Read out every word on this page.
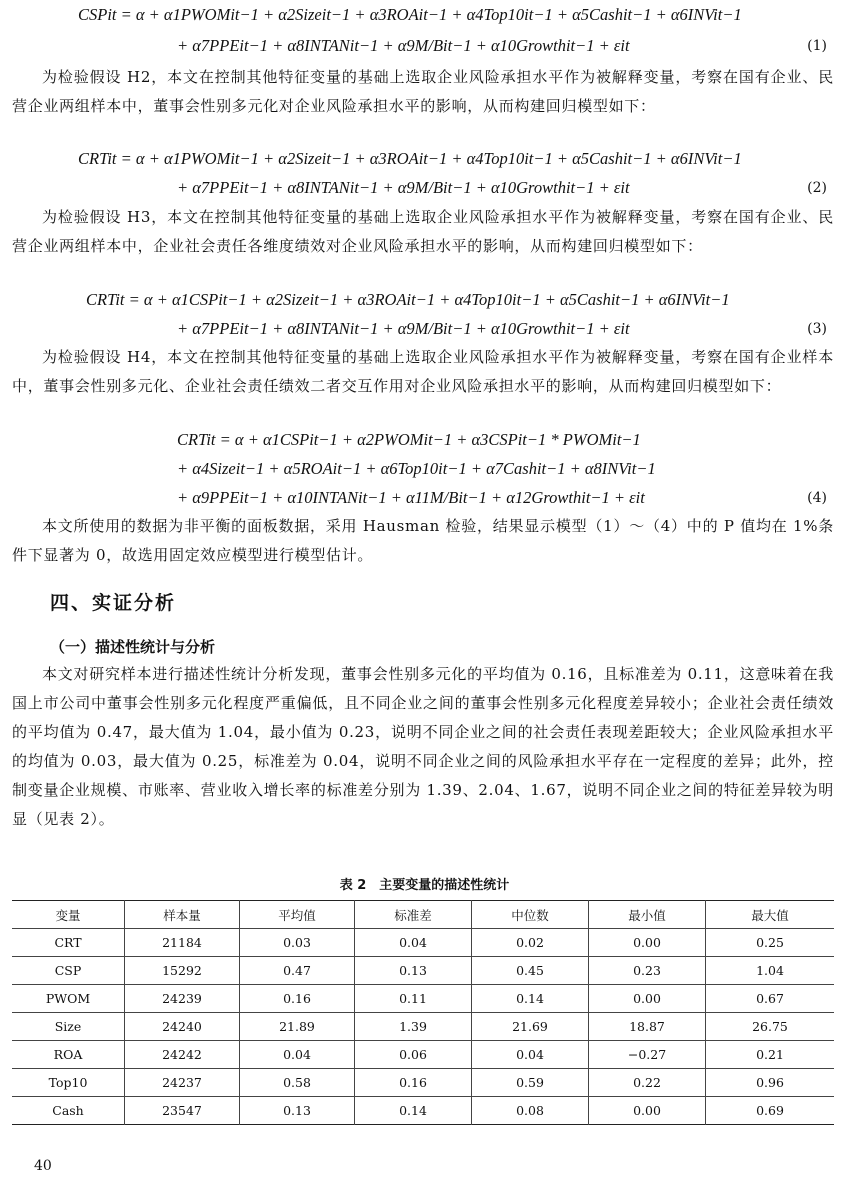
CSPit = α + α1PWOMit−1 + α2Sizeit−1 + α3ROAit−1 + α4Top10it−1 + α5Cashit−1 + α6INVit−1
+ α7PPEit−1 + α8INTANit−1 + α9M/Bit−1 + α10Growthit−1 + εit	(1)

为检验假设 H2，本文在控制其他特征变量的基础上选取企业风险承担水平作为被解释变量，考察在国有企业、民营企业两组样本中，董事会性别多元化对企业风险承担水平的影响，从而构建回归模型如下：

CRTit = α + α1PWOMit−1 + α2Sizeit−1 + α3ROAit−1 + α4Top10it−1 + α5Cashit−1 + α6INVit−1
+ α7PPEit−1 + α8INTANit−1 + α9M/Bit−1 + α10Growthit−1 + εit	(2)

为检验假设 H3，本文在控制其他特征变量的基础上选取企业风险承担水平作为被解释变量，考察在国有企业、民营企业两组样本中，企业社会责任各维度绩效对企业风险承担水平的影响，从而构建回归模型如下：

CRTit = α + α1CSPit−1 + α2Sizeit−1 + α3ROAit−1 + α4Top10it−1 + α5Cashit−1 + α6INVit−1
+ α7PPEit−1 + α8INTANit−1 + α9M/Bit−1 + α10Growthit−1 + εit	(3)

为检验假设 H4，本文在控制其他特征变量的基础上选取企业风险承担水平作为被解释变量，考察在国有企业样本中，董事会性别多元化、企业社会责任绩效二者交互作用对企业风险承担水平的影响，从而构建回归模型如下：

CRTit = α + α1CSPit−1 + α2PWOMit−1 + α3CSPit−1 * PWOMit−1
+ α4Sizeit−1 + α5ROAit−1 + α6Top10it−1 + α7Cashit−1 + α8INVit−1
+ α9PPEit−1 + α10INTANit−1 + α11M/Bit−1 + α12Growthit−1 + εit	(4)

本文所使用的数据为非平衡的面板数据，采用 Hausman 检验，结果显示模型（1）～（4）中的 P 值均在 1%条件下显著为 0，故选用固定效应模型进行模型估计。

四、实证分析
（一）描述性统计与分析

本文对研究样本进行描述性统计分析发现，董事会性别多元化的平均值为 0.16，且标准差为 0.11，这意味着在我国上市公司中董事会性别多元化程度严重偏低，且不同企业之间的董事会性别多元化程度差异较小；企业社会责任绩效的平均值为 0.47，最大值为 1.04，最小值为 0.23，说明不同企业之间的社会责任表现差距较大；企业风险承担水平的均值为 0.03，最大值为 0.25，标准差为 0.04，说明不同企业之间的风险承担水平存在一定程度的差异；此外，控制变量企业规模、市账率、营业收入增长率的标准差分别为 1.39、2.04、1.67，说明不同企业之间的特征差异较为明显（见表 2）。

表 2　主要变量的描述性统计

变量	样本量	平均值	标准差	中位数	最小值	最大值
CRT	21184	0.03	0.04	0.02	0.00	0.25
CSP	15292	0.47	0.13	0.45	0.23	1.04
PWOM	24239	0.16	0.11	0.14	0.00	0.67
Size	24240	21.89	1.39	21.69	18.87	26.75
ROA	24242	0.04	0.06	0.04	−0.27	0.21
Top10	24237	0.58	0.16	0.59	0.22	0.96
Cash	23547	0.13	0.14	0.08	0.00	0.69
40
